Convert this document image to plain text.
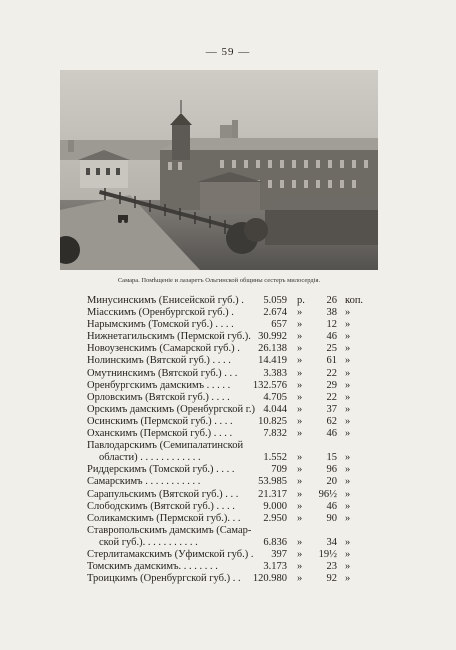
— 59 —
Самара. Помѣщеніе и лазаретъ Ольгинской общины сестеръ милосердія.
Минусинскимъ (Енисейской губ.) . 5.059 р.	26 коп.
Міасскимъ (Оренбургской губ.) .	2.674 »	38 »
Нарымскимъ (Томской губ.) . . . .	657 »	12 »
Нижнетагильскимъ (Пермской губ.). 30.992 »	46 »
Новоузенскимъ (Самарской губ.) . 26.138 »	25 »
Нолинскимъ (Вятской губ.) . . . .	14.419 »	61 »
Омутнинскимъ (Вятской губ.) . . . 3.383 »	22 »
Оренбургскимъ дамскимъ . . . . . 132.576 »	29 »
Орловскимъ (Вятской губ.) . . . .	4.705 »	22 »
Орскимъ дамскимъ (Оренбургской г.) 4.044 »	37 »
Осинскимъ (Пермской губ.) . . . . 10.825 »	62 »
Оханскимъ (Пермской губ.) . . . .	7.832 »	46 »
Павлодарскимъ (Семипалатинской
области) . . . . . . . . . . . .	1.552 »	15 »
Риддерскимъ (Томской губ.) . . . .	709 »	96 »
Самарскимъ . . . . . . . . . . .	53.985 »	20 »
Сарапульскимъ (Вятской губ.) . . . 21.317 »	96½ »
Слободскимъ (Вятской губ.) . . . .	9.000 »	46 »
Соликамскимъ (Пермской губ.). . . 2.950 »	90 »
Ставропольскимъ дамскимъ (Самар-
ской губ.). . . . . . . . . . .	6.836 »	34 »
Стерлитамакскимъ (Уфимской губ.) . 397 »	19½ »
Томскимъ дамскимъ. . . . . . . .	3.173 »	23 »
Троицкимъ (Оренбургской губ.) . . 120.980 »	92 »
